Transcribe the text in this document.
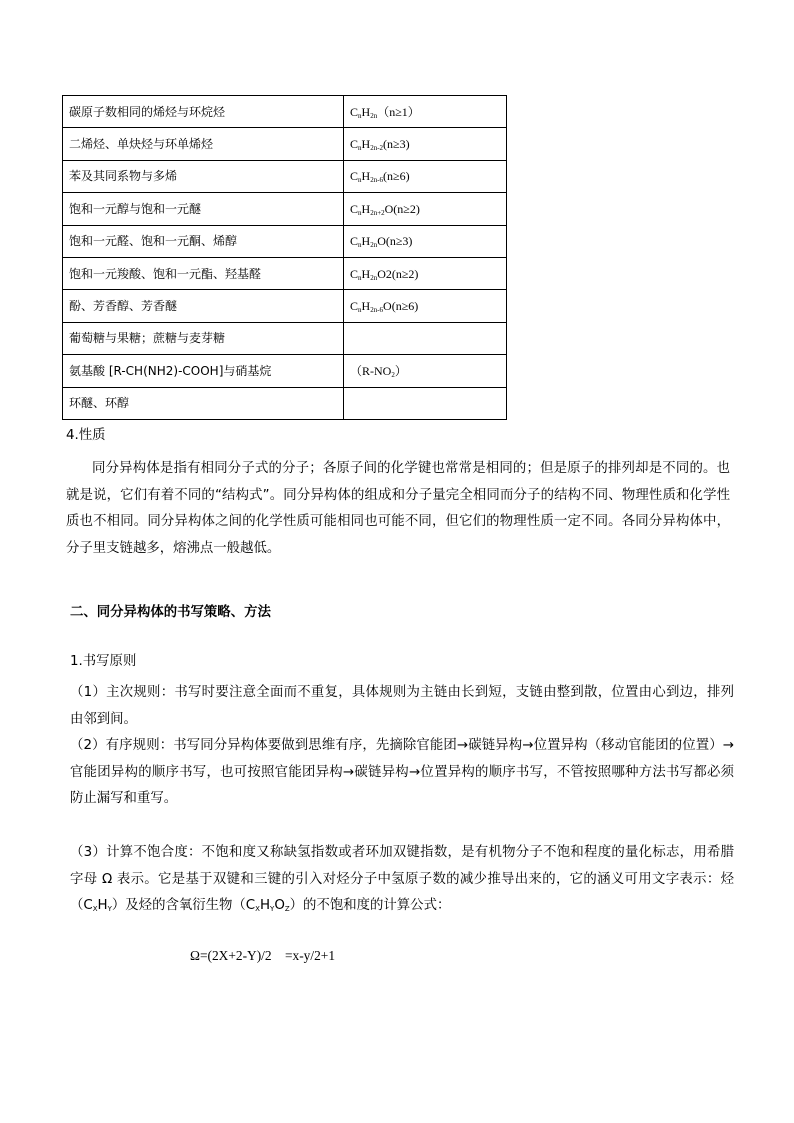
碳原子数相同的烯烃与环烷烃	$C_nH_{2n}(n\ge 1)$
二烯烃、单炔烃与环单烯烃	$C_nH_{2n-2}(n\ge 3)$
苯及其同系物与多烯	$C_nH_{2n-6}(n\ge 6)$
饱和一元醇与饱和一元醚	$C_nH_{2n+2}O(n\ge 2)$
饱和一元醛、饱和一元酮、烯醇	$C_nH_{2n}O(n\ge 3)$
饱和一元羧酸、饱和一元酯、羟基醛	$C_nH_{2n}O2(n\ge 2)$
酚、芳香醇、芳香醚	$C_nH_{2n-6}O(n\ge 6)$
葡萄糖与果糖；蔗糖与麦芽糖	
氨基酸 [R-CH(NH2)-COOH]与硝基烷	$(R-NO_2)$
环醚、环醇	
4.性质
同分异构体是指有相同分子式的分子；各原子间的化学键也常常是相同的；但是原子的排列却是不同的。也就是说，它们有着不同的“结构式”。同分异构体的组成和分子量完全相同而分子的结构不同、物理性质和化学性质也不相同。同分异构体之间的化学性质可能相同也可能不同，但它们的物理性质一定不同。各同分异构体中，分子里支链越多，熔沸点一般越低。
二、同分异构体的书写策略、方法
1.书写原则
（1）主次规则：书写时要注意全面而不重复，具体规则为主链由长到短，支链由整到散，位置由心到边，排列由邻到间。
（2）有序规则：书写同分异构体要做到思维有序，先摘除官能团→碳链异构→位置异构（移动官能团的位置）→官能团异构的顺序书写，也可按照官能团异构→碳链异构→位置异构的顺序书写，不管按照哪种方法书写都必须防止漏写和重写。
（3）计算不饱合度：不饱和度又称缺氢指数或者环加双键指数，是有机物分子不饱和程度的量化标志，用希腊字母 Ω 表示。它是基于双键和三键的引入对烃分子中氢原子数的减少推导出来的，它的涵义可用文字表示：烃$(C_XH_Y)$及烃的含氧衍生物$(C_XH_YO_Z)$的不饱和度的计算公式：
Ω=(2X+2-Y)/2　=x-y/2+1
